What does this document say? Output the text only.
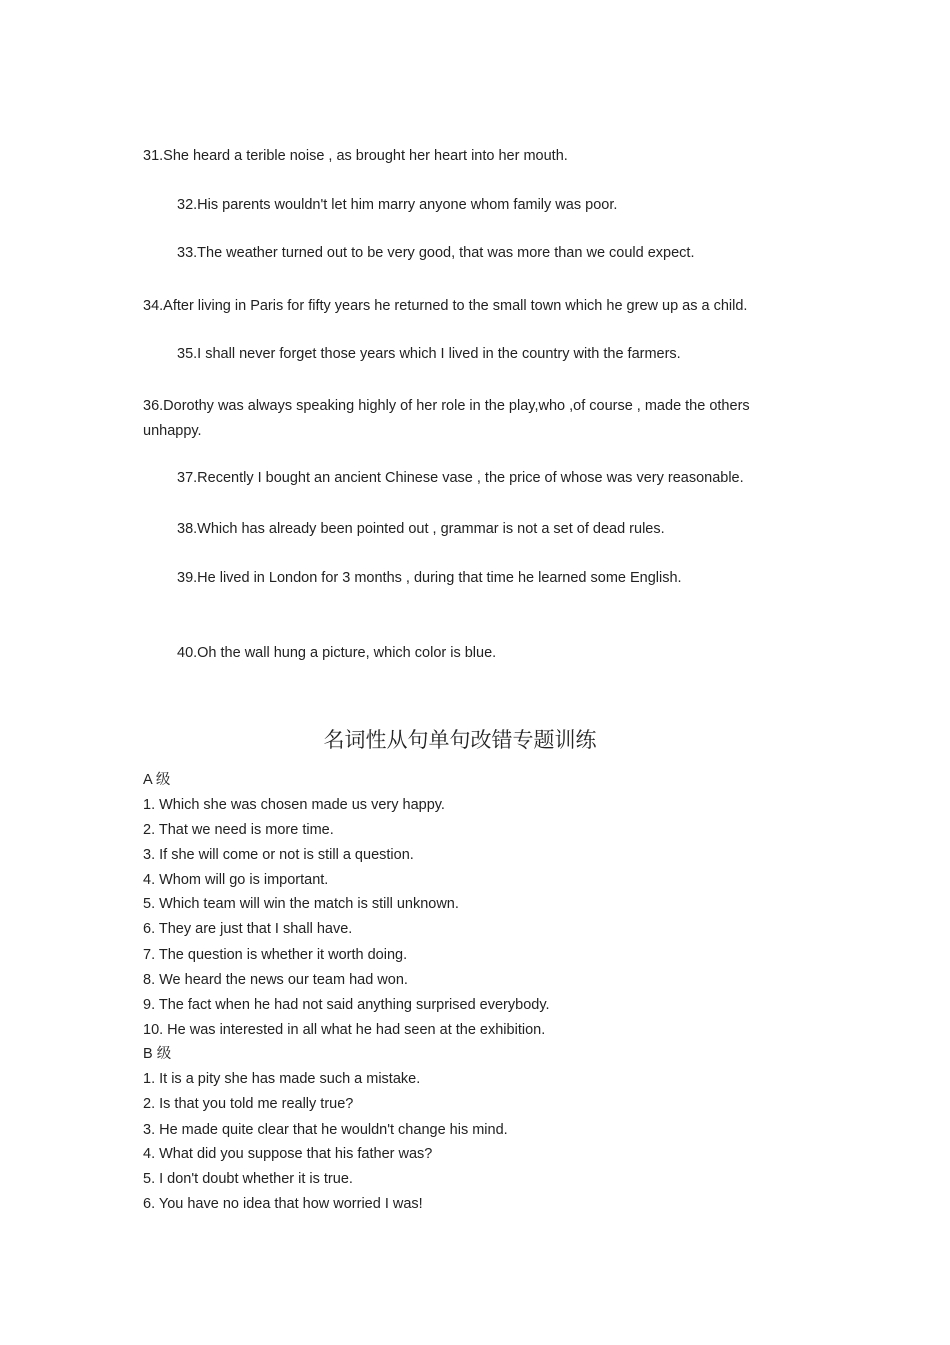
31.She heard a terible noise , as brought her heart into her mouth.
32.His parents wouldn't let him marry anyone whom family was poor.
33.The weather turned out to be very good, that was more than we could expect.
34.After living in Paris for fifty years he returned to the small town which he grew up as a child.
35.I shall never forget those years which I lived in the country with the farmers.
36.Dorothy was always speaking highly of her role in the play,who ,of course , made the others unhappy.
37.Recently I bought an ancient Chinese vase , the price of whose was very reasonable.
38.Which has already been pointed out , grammar is not a set of dead rules.
39.He lived in London for 3 months , during that time he learned some English.
40.Oh the wall hung a picture, which color is blue.
名词性从句单句改错专题训练
A 级
1. Which she was chosen made us very happy.
2. That we need is more time.
3. If she will come or not is still a question.
4. Whom will go is important.
5. Which team will win the match is still unknown.
6. They are just that I shall have.
7. The question is whether it worth doing.
8. We heard the news our team had won.
9. The fact when he had not said anything surprised everybody.
10. He was interested in all what he had seen at the exhibition.
B 级
1. It is a pity she has made such a mistake.
2. Is that you told me really true?
3. He made quite clear that he wouldn't change his mind.
4. What did you suppose that his father was?
5. I don't doubt whether it is true.
6. You have no idea that how worried I was!
